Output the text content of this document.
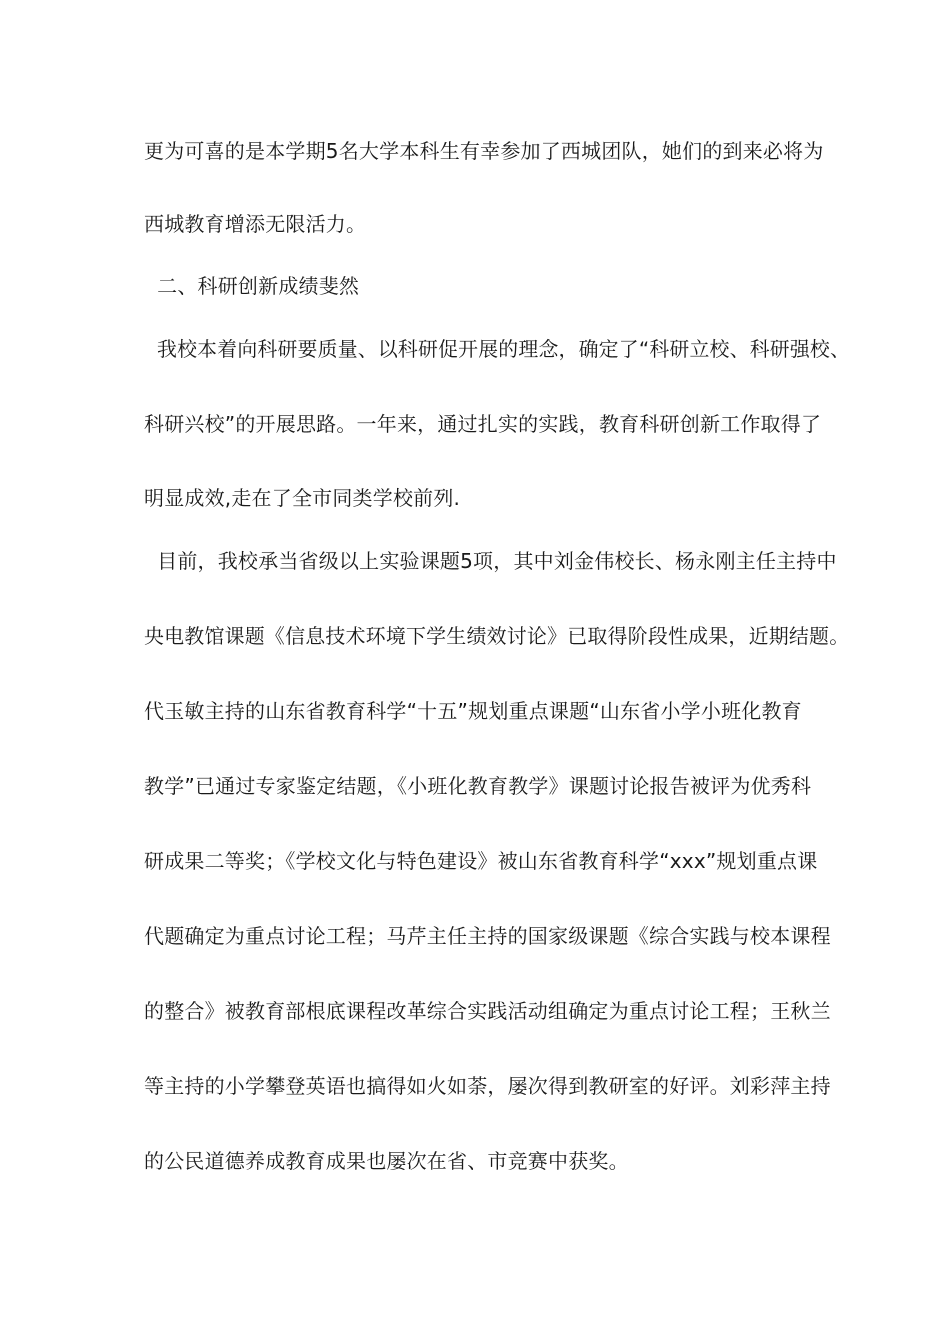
更为可喜的是本学期5名大学本科生有幸参加了西城团队，她们的到来必将为
西城教育增添无限活力。
二、科研创新成绩斐然
我校本着向科研要质量、以科研促开展的理念，确定了“科研立校、科研强校、
科研兴校”的开展思路。一年来，通过扎实的实践，教育科研创新工作取得了
明显成效,走在了全市同类学校前列.
目前，我校承当省级以上实验课题5项，其中刘金伟校长、杨永刚主任主持中
央电教馆课题《信息技术环境下学生绩效讨论》已取得阶段性成果，近期结题。
代玉敏主持的山东省教育科学“十五”规划重点课题“山东省小学小班化教育
教学”已通过专家鉴定结题，《小班化教育教学》课题讨论报告被评为优秀科
研成果二等奖；《学校文化与特色建设》被山东省教育科学“xxx”规划重点课
代题确定为重点讨论工程；马芹主任主持的国家级课题《综合实践与校本课程
的整合》被教育部根底课程改革综合实践活动组确定为重点讨论工程；王秋兰
等主持的小学攀登英语也搞得如火如荼，屡次得到教研室的好评。刘彩萍主持
的公民道德养成教育成果也屡次在省、市竞赛中获奖。
